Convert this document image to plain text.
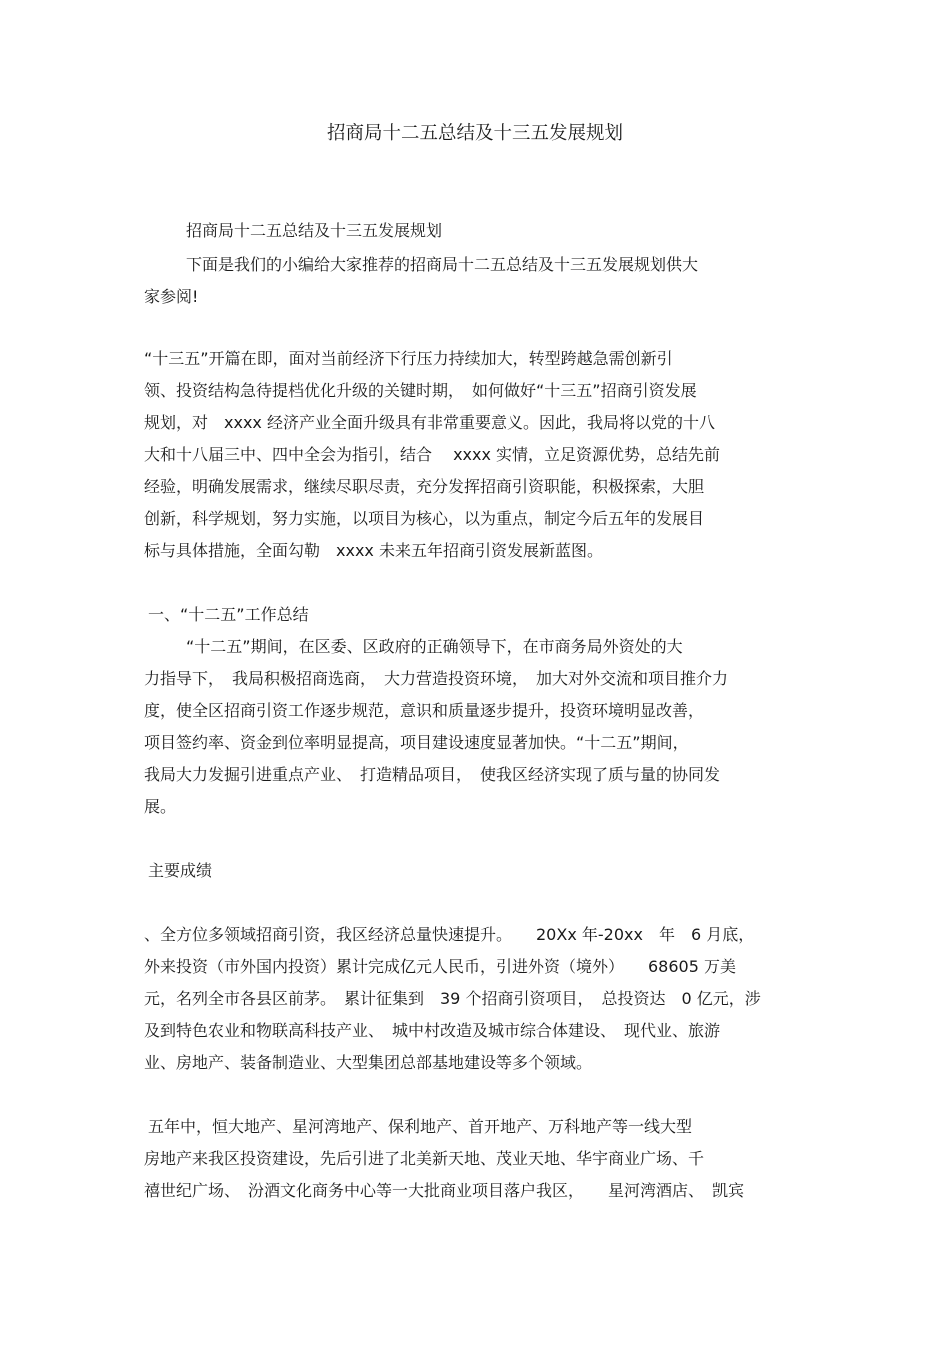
招商局十二五总结及十三五发展规划
招商局十二五总结及十三五发展规划
下面是我们的小编给大家推荐的招商局十二五总结及十三五发展规划供大
家参阅!
“十三五”开篇在即，面对当前经济下行压力持续加大，转型跨越急需创新引
领、投资结构急待提档优化升级的关键时期，　如何做好“十三五”招商引资发展
规划，对　xxxx 经济产业全面升级具有非常重要意义。因此，我局将以党的十八
大和十八届三中、四中全会为指引，结合　 xxxx 实情，立足资源优势，总结先前
经验，明确发展需求，继续尽职尽责，充分发挥招商引资职能，积极探索，大胆
创新，科学规划，努力实施，以项目为核心，以为重点，制定今后五年的发展目
标与具体措施，全面勾勒　xxxx 未来五年招商引资发展新蓝图。
一、“十二五”工作总结
“十二五”期间，在区委、区政府的正确领导下，在市商务局外资处的大
力指导下，　我局积极招商选商，　大力营造投资环境，　加大对外交流和项目推介力
度，使全区招商引资工作逐步规范，意识和质量逐步提升，投资环境明显改善，
项目签约率、资金到位率明显提高，项目建设速度显著加快。“十二五”期间，
我局大力发掘引进重点产业、　打造精品项目，　使我区经济实现了质与量的协同发
展。
主要成绩
、全方位多领域招商引资，我区经济总量快速提升。　　20Xx 年-20xx　年　6 月底，
外来投资（市外国内投资）累计完成亿元人民币，引进外资（境外）　　68605 万美
元，名列全市各县区前茅。　累计征集到　39 个招商引资项目，　总投资达　0 亿元，涉
及到特色农业和物联高科技产业、　城中村改造及城市综合体建设、　现代业、旅游
业、房地产、装备制造业、大型集团总部基地建设等多个领域。
五年中，恒大地产、星河湾地产、保利地产、首开地产、万科地产等一线大型
房地产来我区投资建设，先后引进了北美新天地、茂业天地、华宇商业广场、千
禧世纪广场、　汾酒文化商务中心等一大批商业项目落户我区，　　星河湾酒店、　凯宾
